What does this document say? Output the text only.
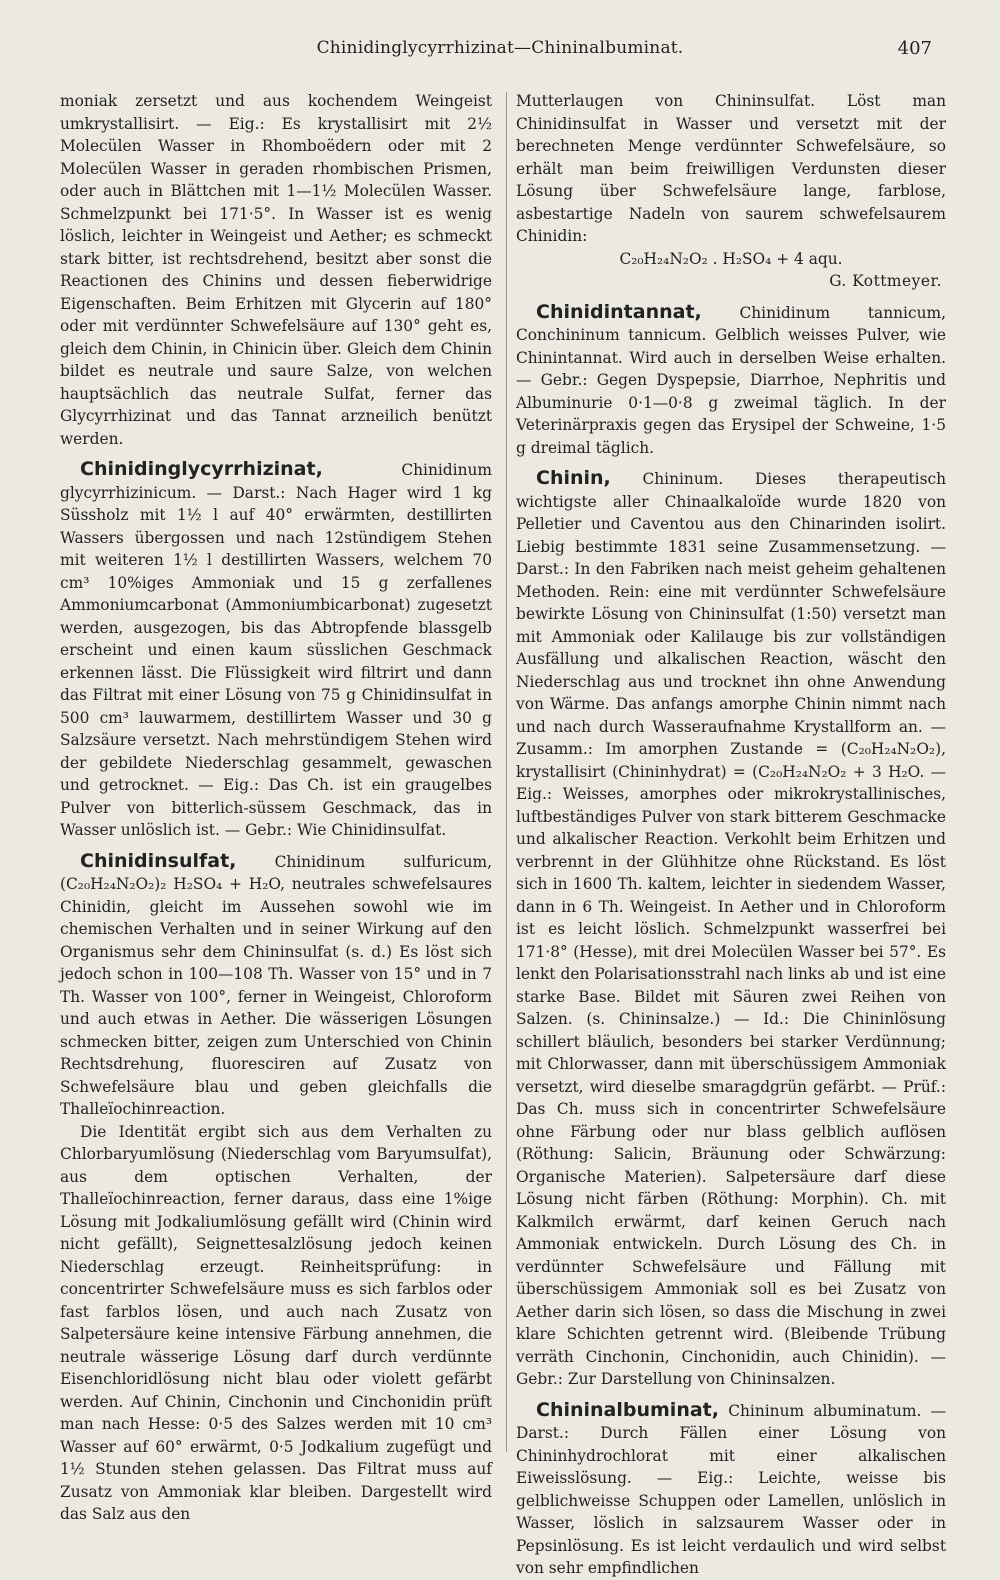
Chinidinglycyrrhizinat—Chininalbuminat.	407

moniak zersetzt und aus kochendem Weingeist umkrystallisirt. — Eig.: Es krystallisirt mit 2½ Molecülen Wasser in Rhomboëdern oder mit 2 Molecülen Wasser in geraden rhombischen Prismen, oder auch in Blättchen mit 1—1½ Molecülen Wasser. Schmelzpunkt bei 171·5°. In Wasser ist es wenig löslich, leichter in Weingeist und Aether; es schmeckt stark bitter, ist rechtsdrehend, besitzt aber sonst die Reactionen des Chinins und dessen fieberwidrige Eigenschaften. Beim Erhitzen mit Glycerin auf 180° oder mit verdünnter Schwefelsäure auf 130° geht es, gleich dem Chinin, in Chinicin über. Gleich dem Chinin bildet es neutrale und saure Salze, von welchen hauptsächlich das neutrale Sulfat, ferner das Glycyrrhizinat und das Tannat arzneilich benützt werden.

Chinidinglycyrrhizinat, Chinidinum glycyrrhizinicum. — Darst.: Nach Hager wird 1 kg Süssholz mit 1½ l auf 40° erwärmten, destillirten Wassers übergossen und nach 12stündigem Stehen mit weiteren 1½ l destillirten Wassers, welchem 70 cm³ 10%iges Ammoniak und 15 g zerfallenes Ammoniumcarbonat (Ammoniumbicarbonat) zugesetzt werden, ausgezogen, bis das Abtropfende blassgelb erscheint und einen kaum süsslichen Geschmack erkennen lässt. Die Flüssigkeit wird filtrirt und dann das Filtrat mit einer Lösung von 75 g Chinidinsulfat in 500 cm³ lauwarmem, destillirtem Wasser und 30 g Salzsäure versetzt. Nach mehrstündigem Stehen wird der gebildete Niederschlag gesammelt, gewaschen und getrocknet. — Eig.: Das Ch. ist ein graugelbes Pulver von bitterlich-süssem Geschmack, das in Wasser unlöslich ist. — Gebr.: Wie Chinidinsulfat.

Chinidinsulfat, Chinidinum sulfuricum, (C₂₀H₂₄N₂O₂)₂ H₂SO₄ + H₂O, neutrales schwefelsaures Chinidin, gleicht im Aussehen sowohl wie im chemischen Verhalten und in seiner Wirkung auf den Organismus sehr dem Chininsulfat (s. d.) Es löst sich jedoch schon in 100—108 Th. Wasser von 15° und in 7 Th. Wasser von 100°, ferner in Weingeist, Chloroform und auch etwas in Aether. Die wässerigen Lösungen schmecken bitter, zeigen zum Unterschied von Chinin Rechtsdrehung, fluoresciren auf Zusatz von Schwefelsäure blau und geben gleichfalls die Thalleïochinreaction.

Die Identität ergibt sich aus dem Verhalten zu Chlorbaryumlösung (Niederschlag vom Baryumsulfat), aus dem optischen Verhalten, der Thalleïochinreaction, ferner daraus, dass eine 1%ige Lösung mit Jodkaliumlösung gefällt wird (Chinin wird nicht gefällt), Seignettesalzlösung jedoch keinen Niederschlag erzeugt. Reinheitsprüfung: in concentrirter Schwefelsäure muss es sich farblos oder fast farblos lösen, und auch nach Zusatz von Salpetersäure keine intensive Färbung annehmen, die neutrale wässerige Lösung darf durch verdünnte Eisenchloridlösung nicht blau oder violett gefärbt werden. Auf Chinin, Cinchonin und Cinchonidin prüft man nach Hesse: 0·5 des Salzes werden mit 10 cm³ Wasser auf 60° erwärmt, 0·5 Jodkalium zugefügt und 1½ Stunden stehen gelassen. Das Filtrat muss auf Zusatz von Ammoniak klar bleiben. Dargestellt wird das Salz aus den

Mutterlaugen von Chininsulfat. Löst man Chinidinsulfat in Wasser und versetzt mit der berechneten Menge verdünnter Schwefelsäure, so erhält man beim freiwilligen Verdunsten dieser Lösung über Schwefelsäure lange, farblose, asbestartige Nadeln von saurem schwefelsaurem Chinidin:

C₂₀H₂₄N₂O₂ . H₂SO₄ + 4 aqu.

G. Kottmeyer.

Chinidintannat, Chinidinum tannicum, Conchininum tannicum. Gelblich weisses Pulver, wie Chinintannat. Wird auch in derselben Weise erhalten. — Gebr.: Gegen Dyspepsie, Diarrhoe, Nephritis und Albuminurie 0·1—0·8 g zweimal täglich. In der Veterinärpraxis gegen das Erysipel der Schweine, 1·5 g dreimal täglich.

Chinin, Chininum. Dieses therapeutisch wichtigste aller Chinaalkaloïde wurde 1820 von Pelletier und Caventou aus den Chinarinden isolirt. Liebig bestimmte 1831 seine Zusammensetzung. — Darst.: In den Fabriken nach meist geheim gehaltenen Methoden. Rein: eine mit verdünnter Schwefelsäure bewirkte Lösung von Chininsulfat (1:50) versetzt man mit Ammoniak oder Kalilauge bis zur vollständigen Ausfällung und alkalischen Reaction, wäscht den Niederschlag aus und trocknet ihn ohne Anwendung von Wärme. Das anfangs amorphe Chinin nimmt nach und nach durch Wasseraufnahme Krystallform an. — Zusamm.: Im amorphen Zustande = (C₂₀H₂₄N₂O₂), krystallisirt (Chininhydrat) = (C₂₀H₂₄N₂O₂ + 3 H₂O. — Eig.: Weisses, amorphes oder mikrokrystallinisches, luftbeständiges Pulver von stark bitterem Geschmacke und alkalischer Reaction. Verkohlt beim Erhitzen und verbrennt in der Glühhitze ohne Rückstand. Es löst sich in 1600 Th. kaltem, leichter in siedendem Wasser, dann in 6 Th. Weingeist. In Aether und in Chloroform ist es leicht löslich. Schmelzpunkt wasserfrei bei 171·8° (Hesse), mit drei Molecülen Wasser bei 57°. Es lenkt den Polarisationsstrahl nach links ab und ist eine starke Base. Bildet mit Säuren zwei Reihen von Salzen. (s. Chininsalze.) — Id.: Die Chininlösung schillert bläulich, besonders bei starker Verdünnung; mit Chlorwasser, dann mit überschüssigem Ammoniak versetzt, wird dieselbe smaragdgrün gefärbt. — Prüf.: Das Ch. muss sich in concentrirter Schwefelsäure ohne Färbung oder nur blass gelblich auflösen (Röthung: Salicin, Bräunung oder Schwärzung: Organische Materien). Salpetersäure darf diese Lösung nicht färben (Röthung: Morphin). Ch. mit Kalkmilch erwärmt, darf keinen Geruch nach Ammoniak entwickeln. Durch Lösung des Ch. in verdünnter Schwefelsäure und Fällung mit überschüssigem Ammoniak soll es bei Zusatz von Aether darin sich lösen, so dass die Mischung in zwei klare Schichten getrennt wird. (Bleibende Trübung verräth Cinchonin, Cinchonidin, auch Chinidin). — Gebr.: Zur Darstellung von Chininsalzen.

Chininalbuminat, Chininum albuminatum. — Darst.: Durch Fällen einer Lösung von Chininhydrochlorat mit einer alkalischen Eiweisslösung. — Eig.: Leichte, weisse bis gelblichweisse Schuppen oder Lamellen, unlöslich in Wasser, löslich in salzsaurem Wasser oder in Pepsinlösung. Es ist leicht verdaulich und wird selbst von sehr empfindlichen
